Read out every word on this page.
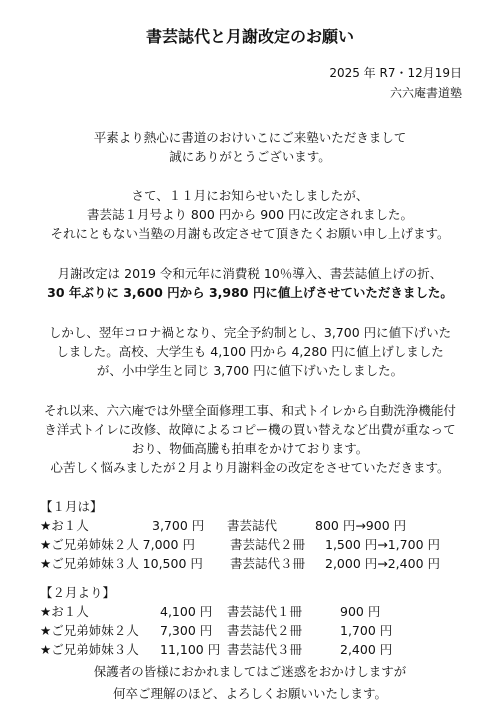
書芸誌代と月謝改定のお願い
2025 年 R7・12月19日
六六庵書道塾
平素より熱心に書道のおけいこにご来塾いただきまして
誠にありがとうございます。
さて、１１月にお知らせいたしましたが、
書芸誌１月号より 800 円から 900 円に改定されました。
それにともない当塾の月謝も改定させて頂きたくお願い申し上げます。
月謝改定は 2019 令和元年に消費税 10％導入、書芸誌値上げの折、
30 年ぶりに 3,600 円から 3,980 円に値上げさせていただきました。
しかし、翌年コロナ禍となり、完全予約制とし、3,700 円に値下げいた
しました。高校、大学生も 4,100 円から 4,280 円に値上げしました
が、小中学生と同じ 3,700 円に値下げいたしました。
それ以来、六六庵では外壁全面修理工事、和式トイレから自動洗浄機能付
き洋式トイレに改修、故障によるコピー機の買い替えなど出費が重なって
おり、物価高騰も拍車をかけております。
心苦しく悩みましたが２月より月謝料金の改定をさせていただきます。
【１月は】
★お１人	3,700 円 書芸誌代	800 円→900 円
★ご兄弟姉妹２人 7,000 円	書芸誌代２冊 1,500 円→1,700 円
★ご兄弟姉妹３人 10,500 円 書芸誌代３冊 2,000 円→2,400 円
【２月より】
★お１人	4,100 円 書芸誌代１冊	900 円
★ご兄弟姉妹２人 7,300 円 書芸誌代２冊	1,700 円
★ご兄弟姉妹３人 11,100 円 書芸誌代３冊	2,400 円
保護者の皆様におかれましてはご迷惑をおかけしますが
何卒ご理解のほど、よろしくお願いいたします。
